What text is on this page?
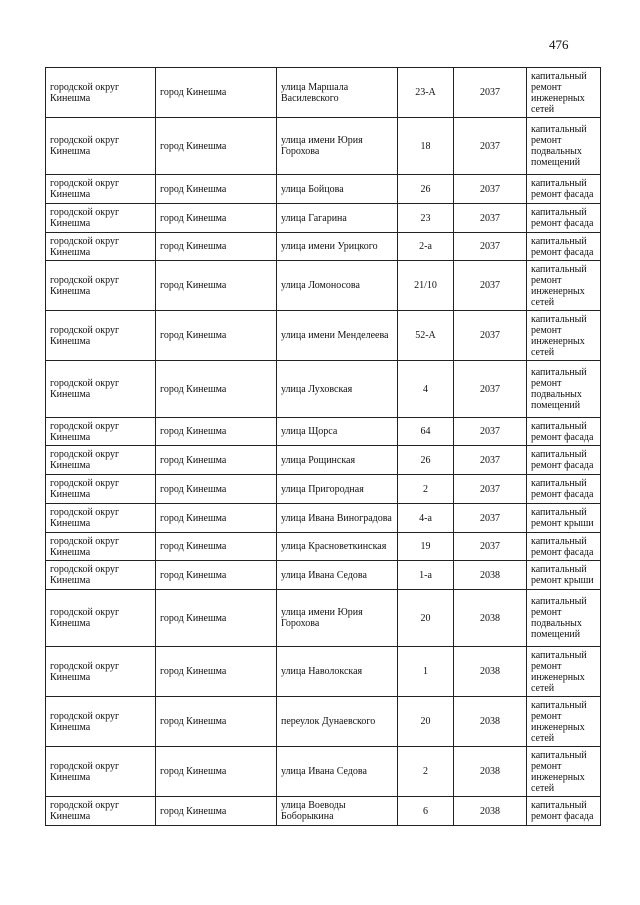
476
городской округ Кинешма	город Кинешма	улица Маршала Василевского	23-А	2037	капитальный ремонт инженерных сетей
городской округ Кинешма	город Кинешма	улица имени Юрия Горохова	18	2037	капитальный ремонт подвальных помещений
городской округ Кинешма	город Кинешма	улица Бойцова	26	2037	капитальный ремонт фасада
городской округ Кинешма	город Кинешма	улица Гагарина	23	2037	капитальный ремонт фасада
городской округ Кинешма	город Кинешма	улица имени Урицкого	2-а	2037	капитальный ремонт фасада
городской округ Кинешма	город Кинешма	улица Ломоносова	21/10	2037	капитальный ремонт инженерных сетей
городской округ Кинешма	город Кинешма	улица имени Менделеева	52-А	2037	капитальный ремонт инженерных сетей
городской округ Кинешма	город Кинешма	улица Луховская	4	2037	капитальный ремонт подвальных помещений
городской округ Кинешма	город Кинешма	улица Щорса	64	2037	капитальный ремонт фасада
городской округ Кинешма	город Кинешма	улица Рощинская	26	2037	капитальный ремонт фасада
городской округ Кинешма	город Кинешма	улица Пригородная	2	2037	капитальный ремонт фасада
городской округ Кинешма	город Кинешма	улица Ивана Виноградова	4-а	2037	капитальный ремонт крыши
городской округ Кинешма	город Кинешма	улица Красноветкинская	19	2037	капитальный ремонт фасада
городской округ Кинешма	город Кинешма	улица Ивана Седова	1-а	2038	капитальный ремонт крыши
городской округ Кинешма	город Кинешма	улица имени Юрия Горохова	20	2038	капитальный ремонт подвальных помещений
городской округ Кинешма	город Кинешма	улица Наволокская	1	2038	капитальный ремонт инженерных сетей
городской округ Кинешма	город Кинешма	переулок Дунаевского	20	2038	капитальный ремонт инженерных сетей
городской округ Кинешма	город Кинешма	улица Ивана Седова	2	2038	капитальный ремонт инженерных сетей
городской округ Кинешма	город Кинешма	улица Воеводы Боборыкина	6	2038	капитальный ремонт фасада
